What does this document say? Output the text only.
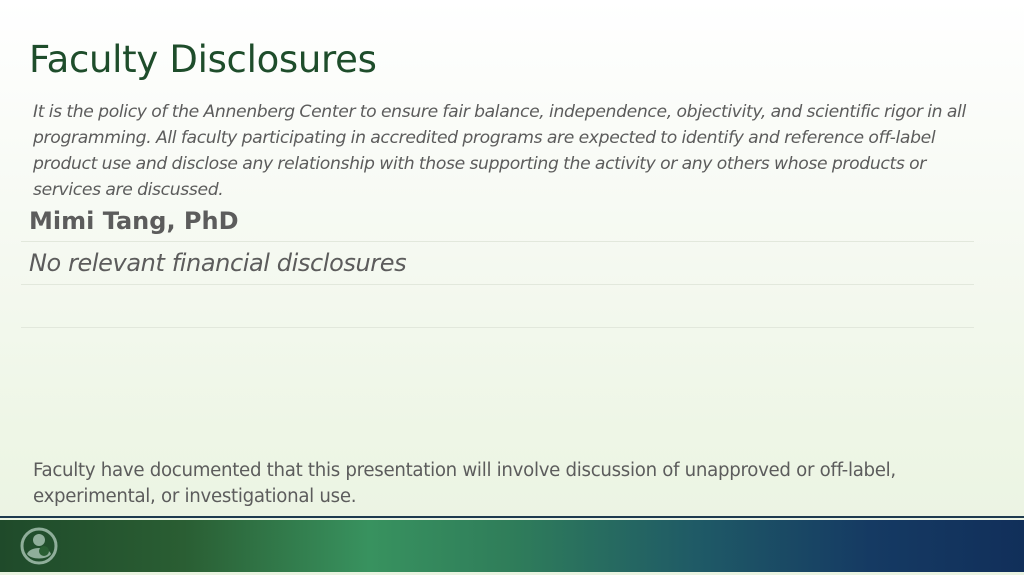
Faculty Disclosures

It is the policy of the Annenberg Center to ensure fair balance, independence, objectivity, and scientific rigor in all programming. All faculty participating in accredited programs are expected to identify and reference off-label product use and disclose any relationship with those supporting the activity or any others whose products or services are discussed.

Mimi Tang, PhD
No relevant financial disclosures

Faculty have documented that this presentation will involve discussion of unapproved or off-label, experimental, or investigational use.
